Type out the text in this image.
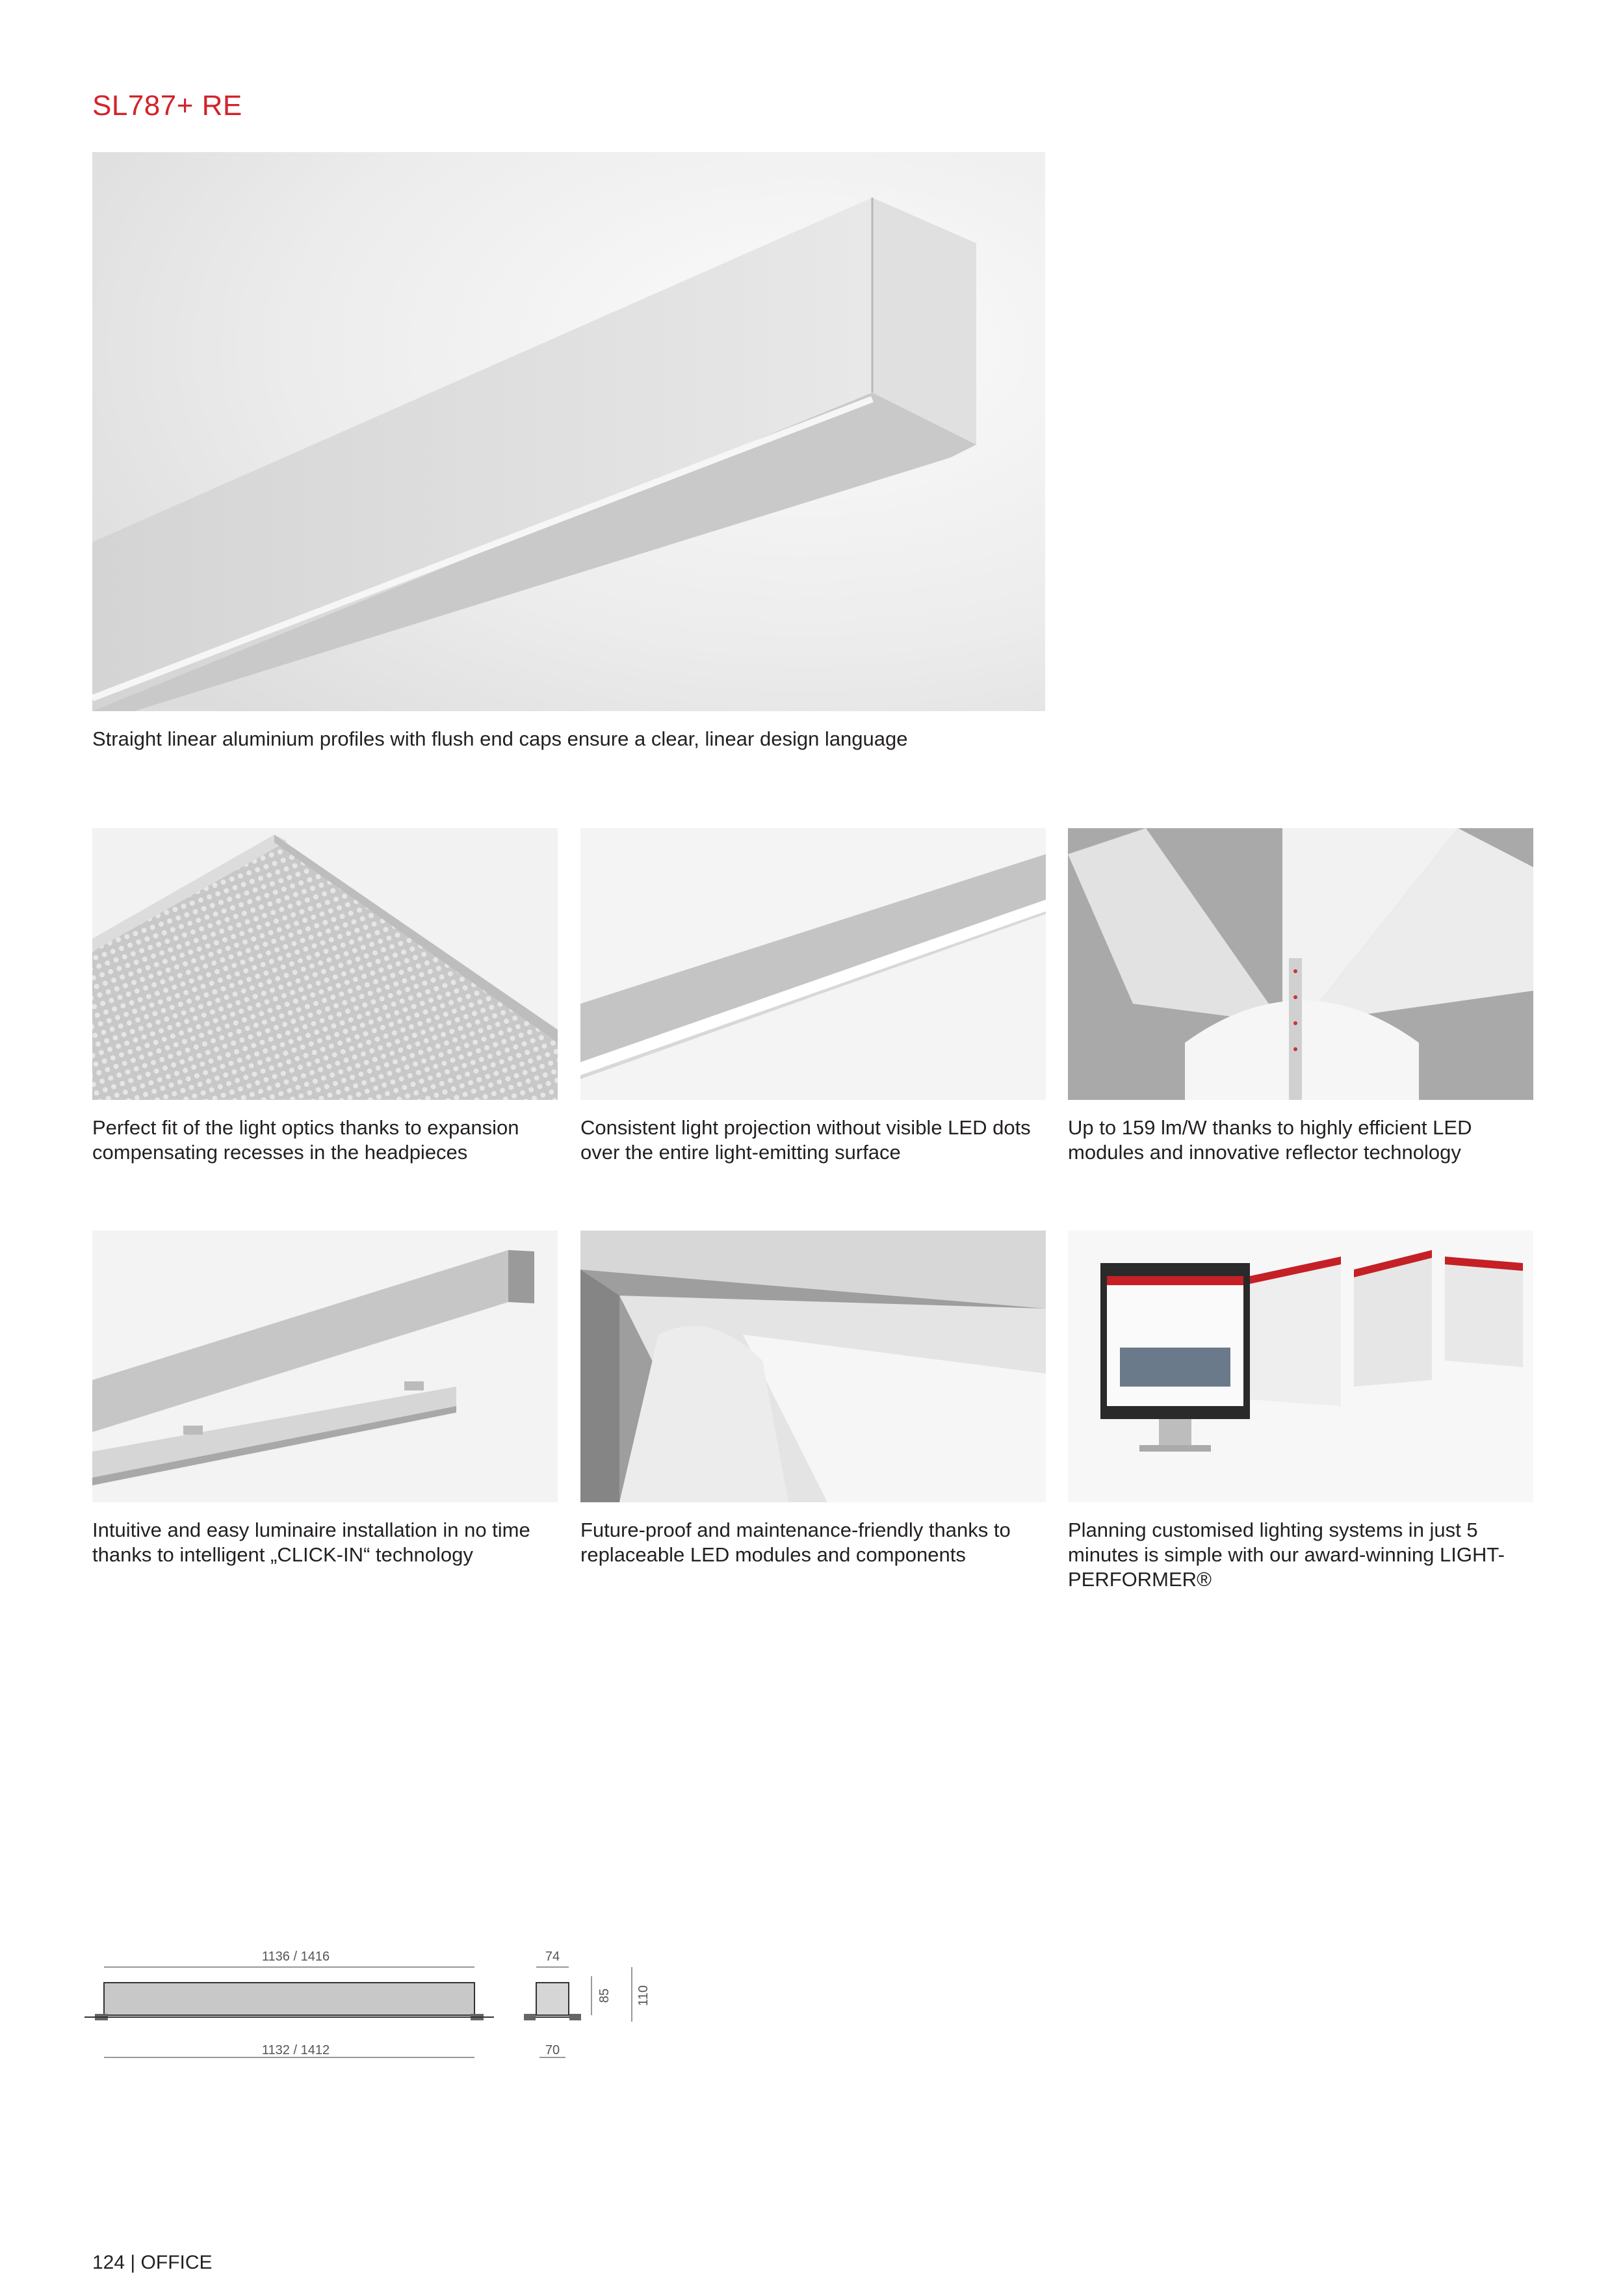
SL787+ RE
Straight linear aluminium profiles with flush end caps ensure a clear, linear design language
Perfect fit of the light optics thanks to expansion compensating recesses in the headpieces
Consistent light projection without visible LED dots over the entire light-emitting surface
Up to 159 lm/W thanks to highly efficient LED modules and innovative reflector technology
Intuitive and easy luminaire installation in no time thanks to intelligent „CLICK-IN“ technology
Future-proof and maintenance-friendly thanks to replaceable LED modules and components
Planning customised lighting systems in just 5 minutes is simple with our award-winning LIGHT-PERFORMER®
1136 / 1416
1132 / 1412
74
70
85 110
124 | OFFICE
